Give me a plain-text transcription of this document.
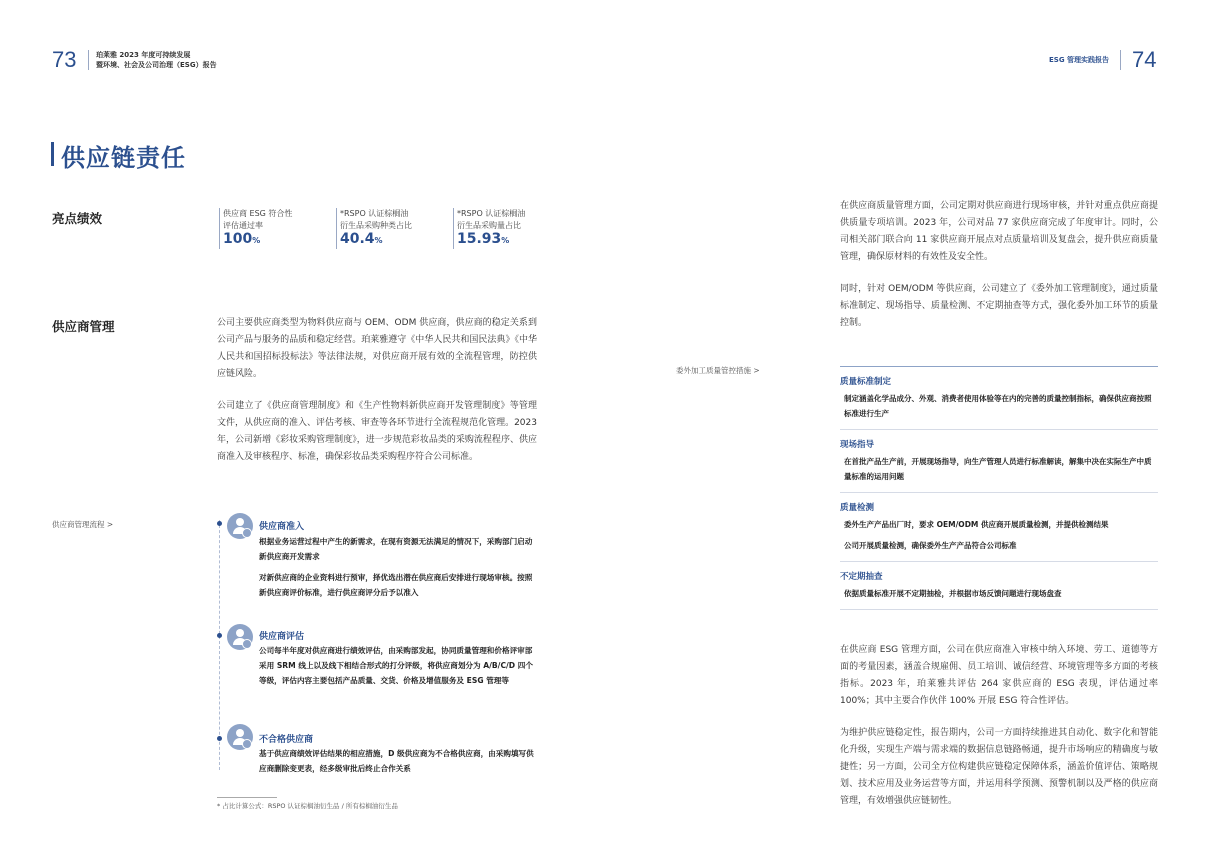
73	珀莱雅 2023 年度可持续发展
暨环境、社会及公司治理（ESG）报告
ESG 管理实践报告 74
供应链责任
亮点绩效	供应商 ESG 符合性
评估通过率
100%
*RSPO 认证棕榈油
衍生品采购种类占比
40.4%
*RSPO 认证棕榈油
衍生品采购量占比
15.93%
供应商管理	公司主要供应商类型为物料供应商与 OEM、ODM 供应商，供应商的稳定关系到公司产品与服务的品质和稳定经营。珀莱雅遵守《中华人民共和国民法典》《中华人民共和国招标投标法》等法律法规，对供应商开展有效的全流程管理，防控供应链风险。

公司建立了《供应商管理制度》和《生产性物料新供应商开发管理制度》等管理文件，从供应商的准入、评估考核、审查等各环节进行全流程规范化管理。2023 年，公司新增《彩妆采购管理制度》，进一步规范彩妆品类的采购流程程序、供应商准入及审核程序、标准，确保彩妆品类采购程序符合公司标准。

供应商管理流程 >	供应商准入

根据业务运营过程中产生的新需求，在现有资源无法满足的情况下，采购部门启动新供应商开发需求

对新供应商的企业资料进行预审，择优选出潜在供应商后安排进行现场审核。按照新供应商评价标准，进行供应商评分后予以准入

供应商评估

公司每半年度对供应商进行绩效评估，由采购部发起，协同质量管理和价格评审部采用 SRM 线上以及线下相结合形式的打分评级，将供应商划分为 A/B/C/D 四个等级，评估内容主要包括产品质量、交货、价格及增值服务及 ESG 管理等

不合格供应商

基于供应商绩效评估结果的相应措施，D 级供应商为不合格供应商，由采购填写供应商删除变更表，经多级审批后终止合作关系

* 占比计算公式：RSPO 认证棕榈油衍生品 / 所有棕榈油衍生品

在供应商质量管理方面，公司定期对供应商进行现场审核，并针对重点供应商提供质量专项培训。2023 年，公司对品 77 家供应商完成了年度审计。同时，公司相关部门联合向 11 家供应商开展点对点质量培训及复盘会，提升供应商质量管理，确保原材料的有效性及安全性。

同时，针对 OEM/ODM 等供应商，公司建立了《委外加工管理制度》，通过质量标准制定、现场指导、质量检测、不定期抽查等方式，强化委外加工环节的质量控制。

委外加工质量管控措施 >
质量标准制定

制定涵盖化学品成分、外观、消费者使用体验等在内的完善的质量控制指标，确保供应商按照标准进行生产

现场指导

在首批产品生产前，开展现场指导，向生产管理人员进行标准解读，解集中决在实际生产中质量标准的运用问题

质量检测

委外生产产品出厂时，要求 OEM/ODM 供应商开展质量检测，并提供检测结果

公司开展质量检测，确保委外生产产品符合公司标准

不定期抽查

依据质量标准开展不定期抽检，并根据市场反馈问题进行现场盘查

在供应商 ESG 管理方面，公司在供应商准入审核中纳入环境、劳工、道德等方面的考量因素，涵盖合规雇佣、员工培训、诚信经营、环境管理等多方面的考核指标。2023 年，珀莱雅共评估 264 家供应商的 ESG 表现，评估通过率 100%；其中主要合作伙伴 100% 开展 ESG 符合性评估。

为维护供应链稳定性，报告期内，公司一方面持续推进其自动化、数字化和智能化升级，实现生产端与需求端的数据信息链路畅通，提升市场响应的精确度与敏捷性；另一方面，公司全方位构建供应链稳定保障体系，涵盖价值评估、策略规划、技术应用及业务运营等方面，并运用科学预测、预警机制以及严格的供应商管理，有效增强供应链韧性。
